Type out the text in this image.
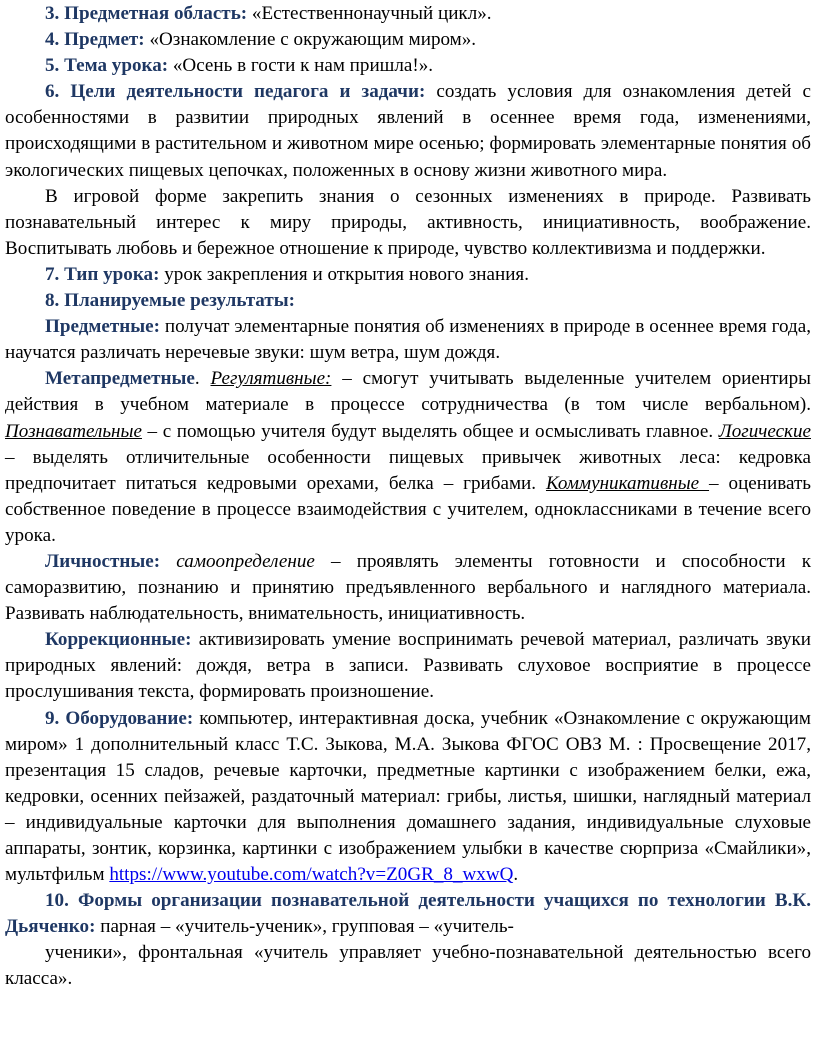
3. Предметная область: «Естественнонаучный цикл».

4. Предмет: «Ознакомление с окружающим миром».

5. Тема урока: «Осень в гости к нам пришла!».

6. Цели деятельности педагога и задачи: создать условия для ознакомления детей с особенностями в развитии природных явлений в осеннее время года, изменениями, происходящими в растительном и животном мире осенью; формировать элементарные понятия об экологических пищевых цепочках, положенных в основу жизни животного мира.

В игровой форме закрепить знания о сезонных изменениях в природе. Развивать познавательный интерес к миру природы, активность, инициативность, воображение. Воспитывать любовь и бережное отношение к природе, чувство коллективизма и поддержки.

7. Тип урока: урок закрепления и открытия нового знания.

8. Планируемые результаты:

Предметные: получат элементарные понятия об изменениях в природе в осеннее время года, научатся различать неречевые звуки: шум ветра, шум дождя.

Метапредметные. Регулятивные: – смогут учитывать выделенные учителем ориентиры действия в учебном материале в процессе сотрудничества (в том числе вербальном). Познавательные – с помощью учителя будут выделять общее и осмысливать главное. Логические – выделять отличительные особенности пищевых привычек животных леса: кедровка предпочитает питаться кедровыми орехами, белка – грибами. Коммуникативные – оценивать собственное поведение в процессе взаимодействия с учителем, одноклассниками в течение всего урока.

Личностные: самоопределение – проявлять элементы готовности и способности к саморазвитию, познанию и принятию предъявленного вербального и наглядного материала. Развивать наблюдательность, внимательность, инициативность.

Коррекционные: активизировать умение воспринимать речевой материал, различать звуки природных явлений: дождя, ветра в записи. Развивать слуховое восприятие в процессе прослушивания текста, формировать произношение.

9. Оборудование: компьютер, интерактивная доска, учебник «Ознакомление с окружающим миром» 1 дополнительный класс Т.С. Зыкова, М.А. Зыкова ФГОС ОВЗ М. : Просвещение 2017, презентация 15 сладов, речевые карточки, предметные картинки с изображением белки, ежа, кедровки, осенних пейзажей, раздаточный материал: грибы, листья, шишки, наглядный материал – индивидуальные карточки для выполнения домашнего задания, индивидуальные слуховые аппараты, зонтик, корзинка, картинки с изображением улыбки в качестве сюрприза «Смайлики», мультфильм https://www.youtube.com/watch?v=Z0GR_8_wxwQ.

10. Формы организации познавательной деятельности учащихся по технологии В.К. Дьяченко: парная – «учитель-ученик», групповая – «учитель-

ученики», фронтальная «учитель управляет учебно-познавательной деятельностью всего класса».
